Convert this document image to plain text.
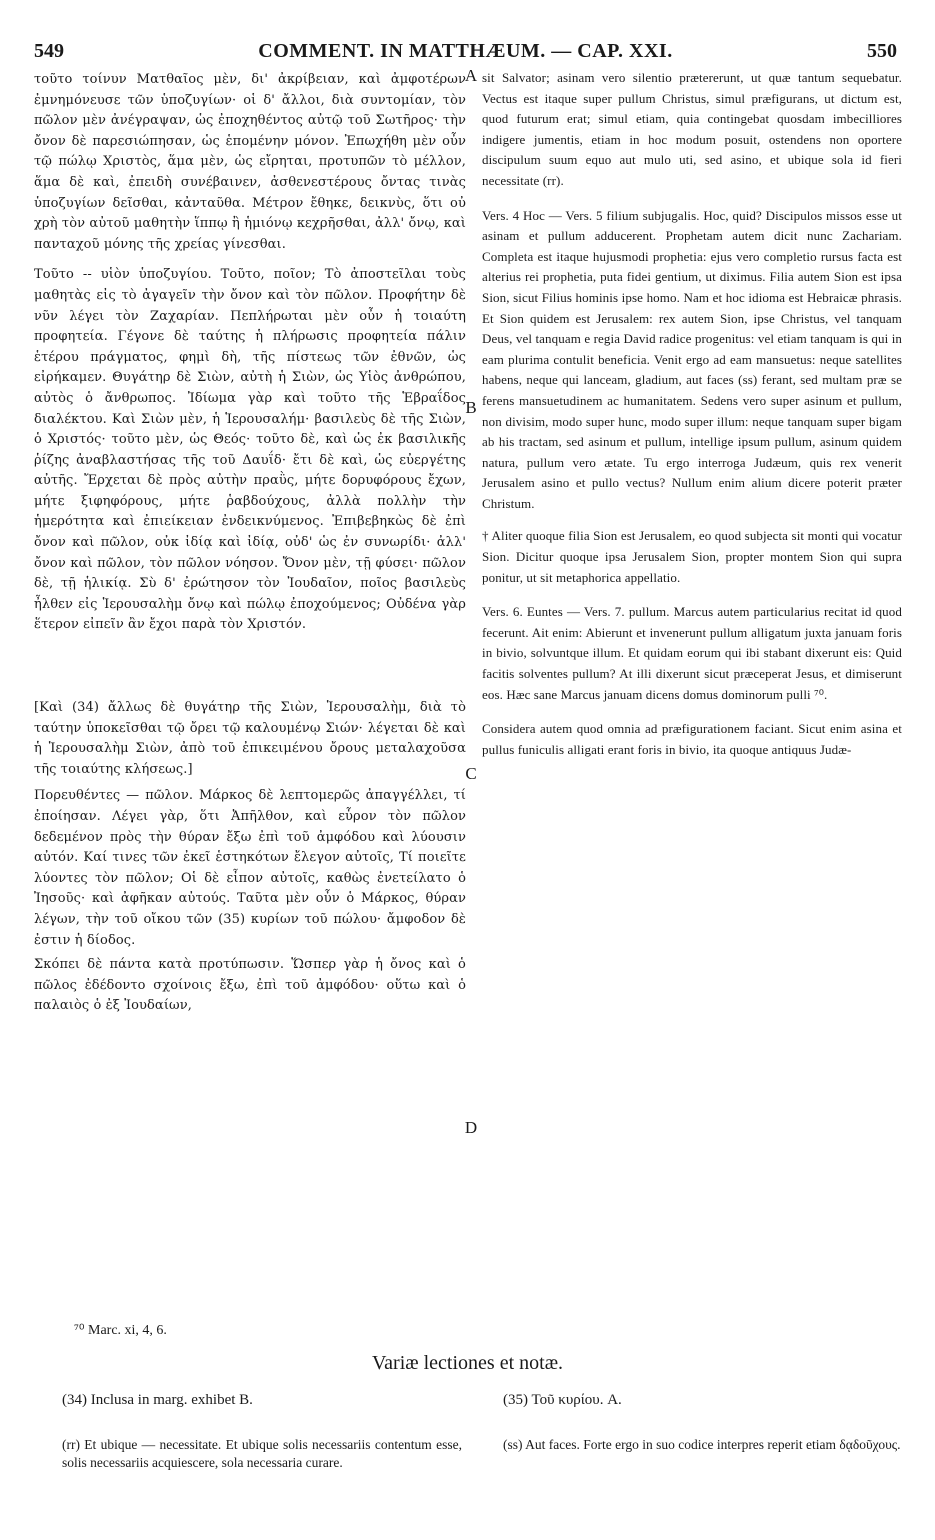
549	COMMENT. IN MATTHÆUM. — CAP. XXI.	550

τοῦτο τοίνυν Ματθαῖος μὲν, δι' ἀκρίβειαν, καὶ ἀμφοτέρων ἐμνημόνευσε τῶν ὑποζυγίων· οἱ δ' ἄλλοι, διὰ συντομίαν, τὸν πῶλον μὲν ἀνέγραψαν, ὡς ἐποχηθέντος αὐτῷ τοῦ Σωτῆρος· τὴν ὄνον δὲ παρεσιώπησαν, ὡς ἑπομένην μόνον. Ἐπωχήθη μὲν οὖν τῷ πώλῳ Χριστὸς, ἅμα μὲν, ὡς εἴρηται, προτυπῶν τὸ μέλλον, ἅμα δὲ καὶ, ἐπειδὴ συνέβαινεν, ἀσθενεστέρους ὄντας τινὰς ὑποζυγίων δεῖσθαι, κἀνταῦθα. Μέτρον ἔθηκε, δεικνὺς, ὅτι οὐ χρὴ τὸν αὐτοῦ μαθητὴν ἵππῳ ἢ ἡμιόνῳ κεχρῆσθαι, ἀλλ' ὄνῳ, καὶ πανταχοῦ μόνης τῆς χρείας γίνεσθαι.

Τοῦτο -- υἱὸν ὑποζυγίου. Τοῦτο, ποῖον; Τὸ ἀποστεῖλαι τοὺς μαθητὰς εἰς τὸ ἀγαγεῖν τὴν ὄνον καὶ τὸν πῶλον. Προφήτην δὲ νῦν λέγει τὸν Ζαχαρίαν. Πεπλήρωται μὲν οὖν ἡ τοιαύτη προφητεία. Γέγονε δὲ ταύτης ἡ πλήρωσις προφητεία πάλιν ἑτέρου πράγματος, φημὶ δὴ, τῆς πίστεως τῶν ἐθνῶν, ὡς εἰρήκαμεν. Θυγάτηρ δὲ Σιὼν, αὐτὴ ἡ Σιὼν, ὡς Υἱὸς ἀνθρώπου, αὐτὸς ὁ ἄνθρωπος. Ἰδίωμα γὰρ καὶ τοῦτο τῆς Ἑβραΐδος διαλέκτου. Καὶ Σιὼν μὲν, ἡ Ἱερουσαλήμ· βασιλεὺς δὲ τῆς Σιὼν, ὁ Χριστός· τοῦτο μὲν, ὡς Θεός· τοῦτο δὲ, καὶ ὡς ἐκ βασιλικῆς ῥίζης ἀναβλαστήσας τῆς τοῦ Δαυΐδ· ἔτι δὲ καὶ, ὡς εὐεργέτης αὐτῆς. Ἔρχεται δὲ πρὸς αὐτὴν πραῢς, μήτε δορυφόρους ἔχων, μήτε ξιφηφόρους, μήτε ῥαβδούχους, ἀλλὰ πολλὴν τὴν ἡμερότητα καὶ ἐπιείκειαν ἐνδεικνύμενος. Ἐπιβεβηκὼς δὲ ἐπὶ ὄνον καὶ πῶλον, οὐκ ἰδίᾳ καὶ ἰδίᾳ, οὐδ' ὡς ἐν συνωρίδι· ἀλλ' ὄνον καὶ πῶλον, τὸν πῶλον νόησον. Ὄνον μὲν, τῇ φύσει· πῶλον δὲ, τῇ ἡλικίᾳ. Σὺ δ' ἐρώτησον τὸν Ἰουδαῖον, ποῖος βασιλεὺς ἦλθεν εἰς Ἱερουσαλὴμ ὄνῳ καὶ πώλῳ ἐποχούμενος; Οὐδένα γὰρ ἕτερον εἰπεῖν ἂν ἔχοι παρὰ τὸν Χριστόν.

[Καὶ (34) ἄλλως δὲ θυγάτηρ τῆς Σιὼν, Ἱερουσαλὴμ, διὰ τὸ ταύτην ὑποκεῖσθαι τῷ ὄρει τῷ καλουμένῳ Σιών· λέγεται δὲ καὶ ἡ Ἱερουσαλὴμ Σιὼν, ἀπὸ τοῦ ἐπικειμένου ὄρους μεταλαχοῦσα τῆς τοιαύτης κλήσεως.]

Πορευθέντες — πῶλον. Μάρκος δὲ λεπτομερῶς ἀπαγγέλλει, τί ἐποίησαν. Λέγει γὰρ, ὅτι Ἀπῆλθον, καὶ εὗρον τὸν πῶλον δεδεμένον πρὸς τὴν θύραν ἔξω ἐπὶ τοῦ ἀμφόδου καὶ λύουσιν αὐτόν. Καί τινες τῶν ἐκεῖ ἑστηκότων ἔλεγον αὐτοῖς, Τί ποιεῖτε λύοντες τὸν πῶλον; Οἱ δὲ εἶπον αὐτοῖς, καθὼς ἐνετείλατο ὁ Ἰησοῦς· καὶ ἀφῆκαν αὐτούς. Ταῦτα μὲν οὖν ὁ Μάρκος, θύραν λέγων, τὴν τοῦ οἴκου τῶν (35) κυρίων τοῦ πώλου· ἄμφοδον δὲ ἐστιν ἡ δίοδος.

Σκόπει δὲ πάντα κατὰ προτύπωσιν. Ὥσπερ γὰρ ἡ ὄνος καὶ ὁ πῶλος ἐδέδοντο σχοίνοις ἔξω, ἐπὶ τοῦ ἀμφόδου· οὕτω καὶ ὁ παλαιὸς ὁ ἐξ Ἰουδαίων,

A
B
C
D

sit Salvator; asinam vero silentio prætererunt, ut quæ tantum sequebatur. Vectus est itaque super pullum Christus, simul præfigurans, ut dictum est, quod futurum erat; simul etiam, quia contingebat quosdam imbecilliores indigere jumentis, etiam in hoc modum posuit, ostendens non oportere discipulum suum equo aut mulo uti, sed asino, et ubique sola id fieri necessitate (rr).

Vers. 4 Hoc — Vers. 5 filium subjugalis. Hoc, quid? Discipulos missos esse ut asinam et pullum adducerent. Prophetam autem dicit nunc Zachariam. Completa est itaque hujusmodi prophetia: ejus vero completio rursus facta est alterius rei prophetia, puta fidei gentium, ut diximus. Filia autem Sion est ipsa Sion, sicut Filius hominis ipse homo. Nam et hoc idioma est Hebraicæ phrasis. Et Sion quidem est Jerusalem: rex autem Sion, ipse Christus, vel tanquam Deus, vel tanquam e regia David radice progenitus: vel etiam tanquam is qui in eam plurima contulit beneficia. Venit ergo ad eam mansuetus: neque satellites habens, neque qui lanceam, gladium, aut faces (ss) ferant, sed multam præ se ferens mansuetudinem ac humanitatem. Sedens vero super asinum et pullum, non divisim, modo super hunc, modo super illum: neque tanquam super bigam ab his tractam, sed asinum et pullum, intellige ipsum pullum, asinum quidem natura, pullum vero ætate. Tu ergo interroga Judæum, quis rex venerit Jerusalem asino et pullo vectus? Nullum enim alium dicere poterit præter Christum.

† Aliter quoque filia Sion est Jerusalem, eo quod subjecta sit monti qui vocatur Sion. Dicitur quoque ipsa Jerusalem Sion, propter montem Sion qui supra ponitur, ut sit metaphorica appellatio.

Vers. 6. Euntes — Vers. 7. pullum. Marcus autem particularius recitat id quod fecerunt. Ait enim: Abierunt et invenerunt pullum alligatum juxta januam foris in bivio, solvuntque illum. Et quidam eorum qui ibi stabant dixerunt eis: Quid facitis solventes pullum? At illi dixerunt sicut præceperat Jesus, et dimiserunt eos. Hæc sane Marcus januam dicens domus dominorum pulli ⁷⁰.

Considera autem quod omnia ad præfigurationem faciant. Sicut enim asina et pullus funiculis alligati erant foris in bivio, ita quoque antiquus Judæ-

⁷⁰ Marc. xi, 4, 6.
Variæ lectiones et notæ.
(34) Inclusa in marg. exhibet B.	(35) Τοῦ κυρίου. A.
(rr) Et ubique — necessitate. Et ubique solis necessariis contentum esse, solis necessariis acquiescere, sola necessaria curare.
(ss) Aut faces. Forte ergo in suo codice interpres reperit etiam δᾳδοῦχους.
